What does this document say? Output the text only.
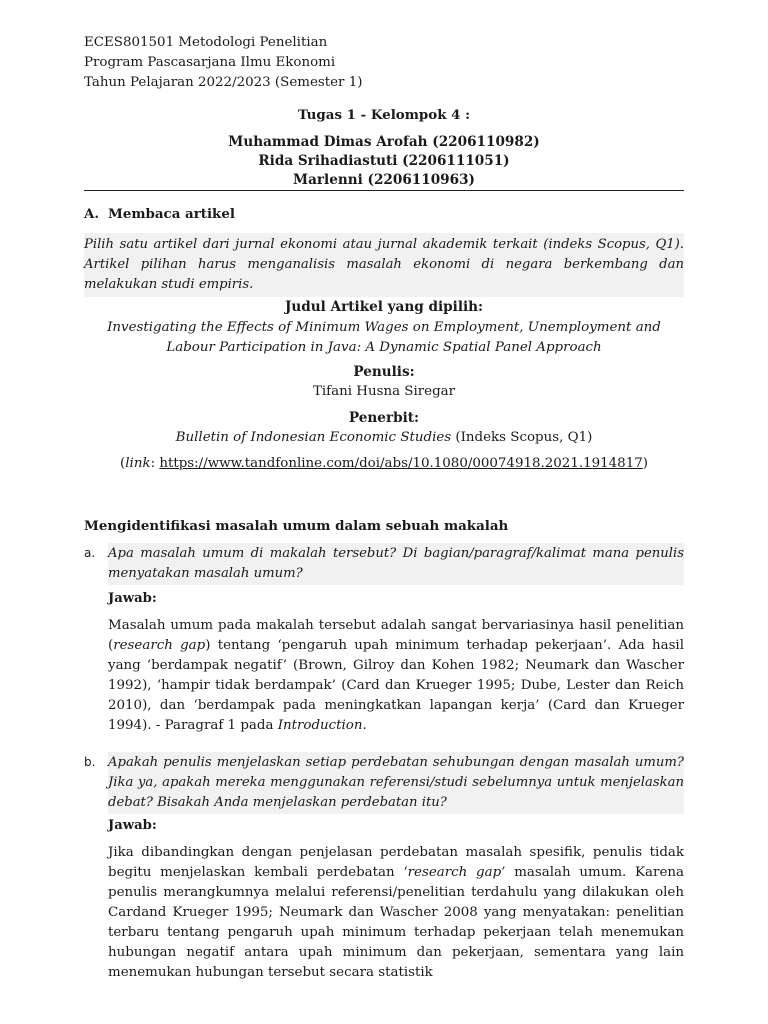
ECES801501 Metodologi Penelitian
Program Pascasarjana Ilmu Ekonomi
Tahun Pelajaran 2022/2023 (Semester 1)
Tugas 1 - Kelompok 4 :
Muhammad Dimas Arofah (2206110982)
Rida Srihadiastuti (2206111051)
Marlenni (2206110963)
A. Membaca artikel
Pilih satu artikel dari jurnal ekonomi atau jurnal akademik terkait (indeks Scopus, Q1). Artikel pilihan harus menganalisis masalah ekonomi di negara berkembang dan melakukan studi empiris.
Judul Artikel yang dipilih:
Investigating the Effects of Minimum Wages on Employment, Unemployment and
Labour Participation in Java: A Dynamic Spatial Panel Approach
Penulis:
Tifani Husna Siregar
Penerbit:
Bulletin of Indonesian Economic Studies (Indeks Scopus, Q1)
(link: https://www.tandfonline.com/doi/abs/10.1080/00074918.2021.1914817)
Mengidentifikasi masalah umum dalam sebuah makalah
a. Apa masalah umum di makalah tersebut? Di bagian/paragraf/kalimat mana penulis menyatakan masalah umum?
Jawab:
Masalah umum pada makalah tersebut adalah sangat bervariasinya hasil penelitian (research gap) tentang ‘pengaruh upah minimum terhadap pekerjaan’. Ada hasil yang ‘berdampak negatif’ (Brown, Gilroy dan Kohen 1982; Neumark dan Wascher 1992), ‘hampir tidak berdampak’ (Card dan Krueger 1995; Dube, Lester dan Reich 2010), dan ‘berdampak pada meningkatkan lapangan kerja’ (Card dan Krueger 1994). - Paragraf 1 pada Introduction.
b. Apakah penulis menjelaskan setiap perdebatan sehubungan dengan masalah umum? Jika ya, apakah mereka menggunakan referensi/studi sebelumnya untuk menjelaskan debat? Bisakah Anda menjelaskan perdebatan itu?
Jawab:
Jika dibandingkan dengan penjelasan perdebatan masalah spesifik, penulis tidak begitu menjelaskan kembali perdebatan ‘research gap’ masalah umum. Karena penulis merangkumnya melalui referensi/penelitian terdahulu yang dilakukan oleh Cardand Krueger 1995; Neumark dan Wascher 2008 yang menyatakan: penelitian terbaru tentang pengaruh upah minimum terhadap pekerjaan telah menemukan hubungan negatif antara upah minimum dan pekerjaan, sementara yang lain menemukan hubungan tersebut secara statistik
